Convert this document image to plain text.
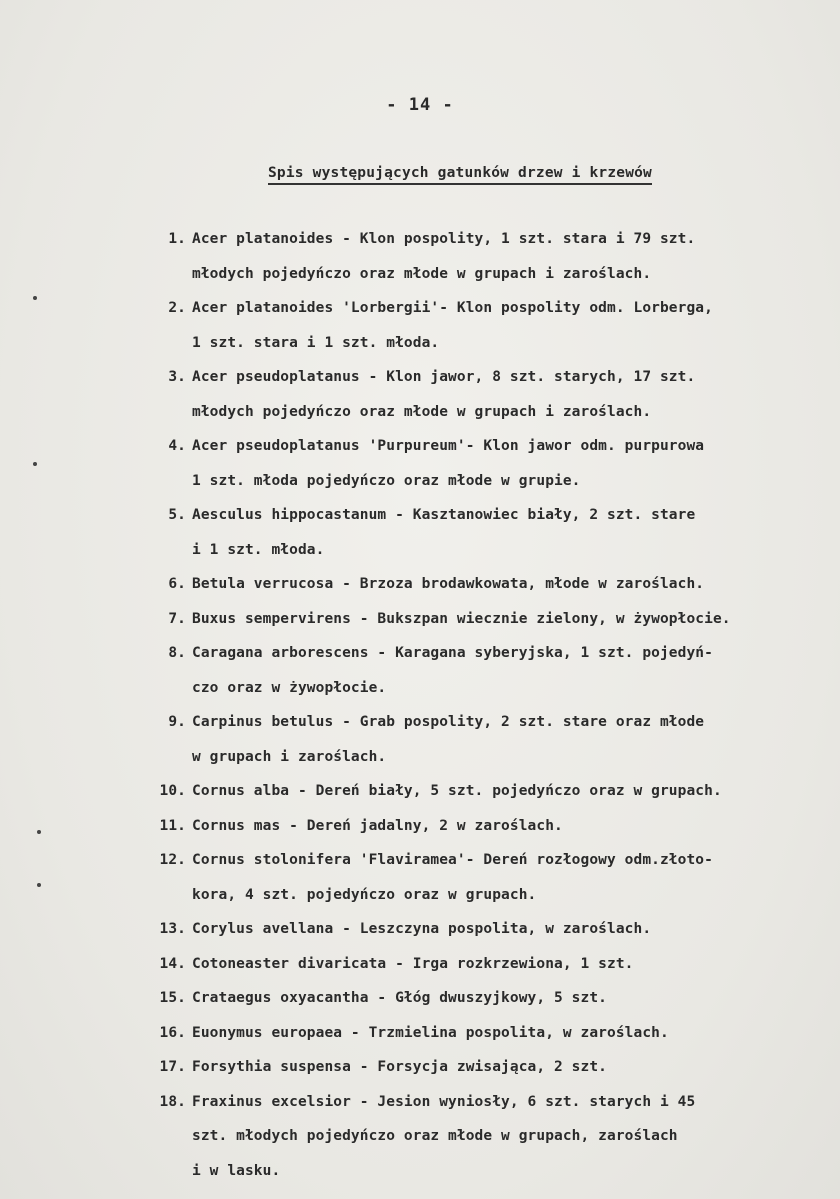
- 14 -
Spis występujących gatunków drzew i krzewów
1. Acer platanoides - Klon pospolity, 1 szt. stara i 79 szt.
młodych pojedyńczo oraz młode w grupach i zaroślach.
2. Acer platanoides 'Lorbergii'- Klon pospolity odm. Lorberga,
1 szt. stara i 1 szt. młoda.
3. Acer pseudoplatanus - Klon jawor, 8 szt. starych, 17 szt.
młodych pojedyńczo oraz młode w grupach i zaroślach.
4. Acer pseudoplatanus 'Purpureum'- Klon jawor odm. purpurowa
1 szt. młoda pojedyńczo oraz młode w grupie.
5. Aesculus hippocastanum - Kasztanowiec biały, 2 szt. stare
i 1 szt. młoda.
6. Betula verrucosa - Brzoza brodawkowata, młode w zaroślach.
7. Buxus sempervirens - Bukszpan wiecznie zielony, w żywopłocie.
8. Caragana arborescens - Karagana syberyjska, 1 szt. pojedyń-
czo oraz w żywopłocie.
9. Carpinus betulus - Grab pospolity, 2 szt. stare oraz młode
w grupach i zaroślach.
10. Cornus alba - Dereń biały, 5 szt. pojedyńczo oraz w grupach.
11. Cornus mas - Dereń jadalny, 2 w zaroślach.
12. Cornus stolonifera 'Flaviramea'- Dereń rozłogowy odm.złoto-
kora, 4 szt. pojedyńczo oraz w grupach.
13. Corylus avellana - Leszczyna pospolita, w zaroślach.
14. Cotoneaster divaricata - Irga rozkrzewiona, 1 szt.
15. Crataegus oxyacantha - Głóg dwuszyjkowy, 5 szt.
16. Euonymus europaea - Trzmielina pospolita, w zaroślach.
17. Forsythia suspensa - Forsycja zwisająca, 2 szt.
18. Fraxinus excelsior - Jesion wyniosły, 6 szt. starych i 45
szt. młodych pojedyńczo oraz młode w grupach, zaroślach
i w lasku.
